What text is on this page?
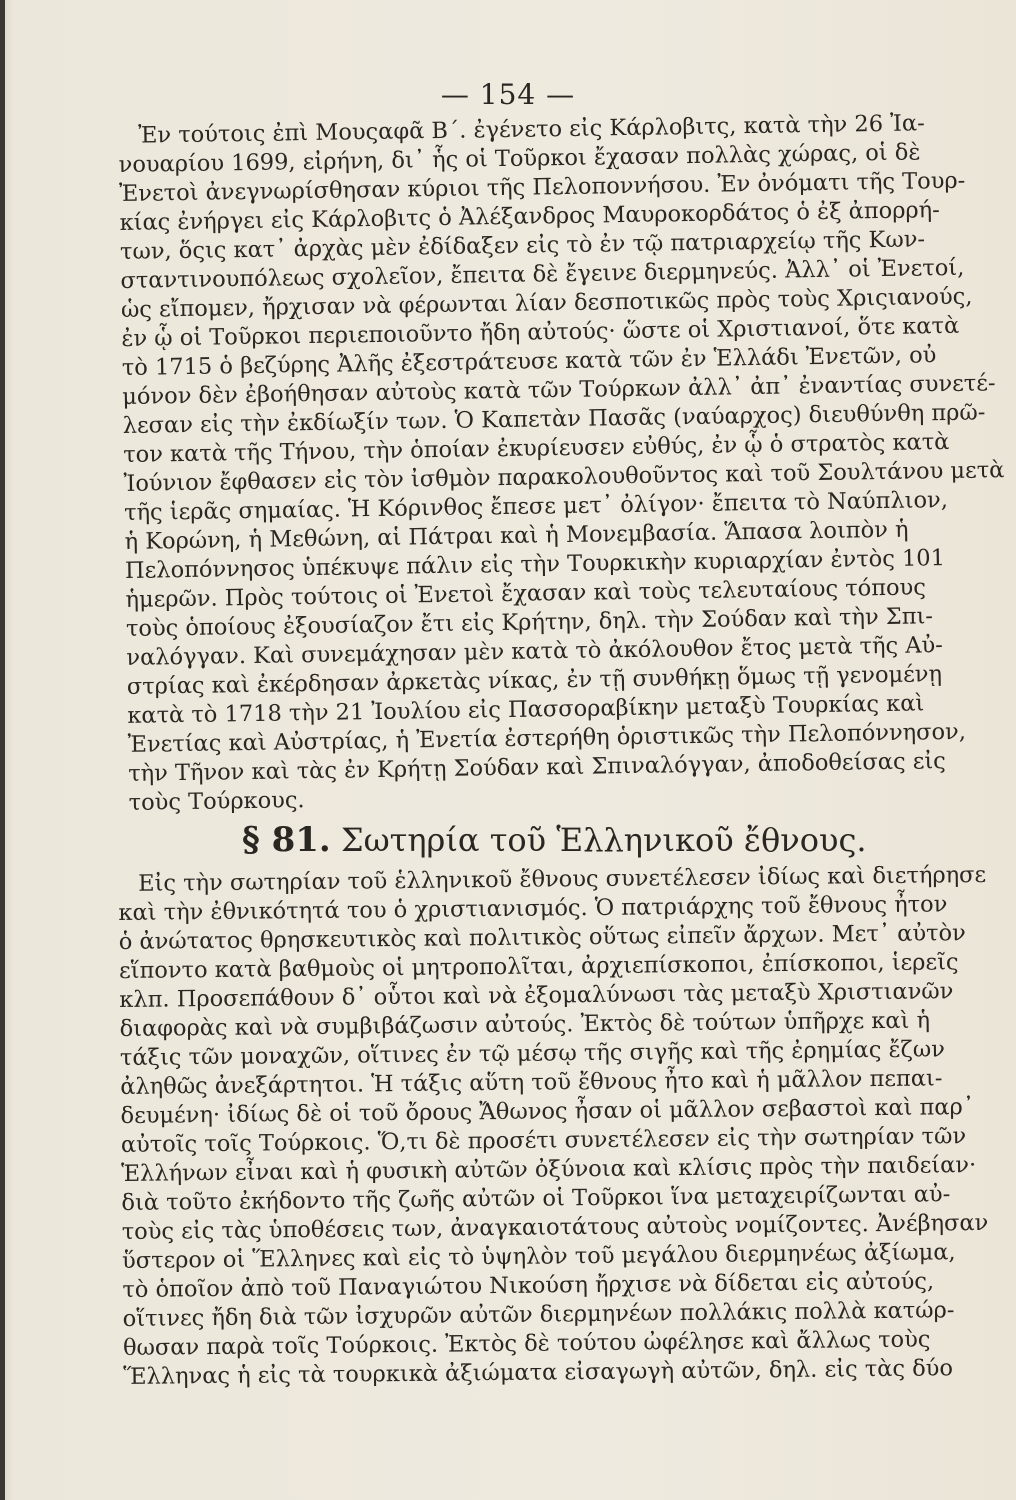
— 154 —
Ἐν τούτοις ἐπὶ Μουςαφᾶ Β΄. ἐγένετο εἰς Κάρλοβιτς, κατὰ τὴν 26 Ἰα-
νουαρίου 1699, εἰρήνη, δι᾽ ἧς οἱ Τοῦρκοι ἔχασαν πολλὰς χώρας, οἱ δὲ
Ἐνετοὶ ἀνεγνωρίσθησαν κύριοι τῆς Πελοποννήσου. Ἐν ὀνόματι τῆς Τουρ-
κίας ἐνήργει εἰς Κάρλοβιτς ὁ Ἀλέξανδρος Μαυροκορδάτος ὁ ἐξ ἀπορρή-
των, ὅςις κατ᾽ ἀρχὰς μὲν ἐδίδαξεν εἰς τὸ ἐν τῷ πατριαρχείῳ τῆς Κων-
σταντινουπόλεως σχολεῖον, ἔπειτα δὲ ἔγεινε διερμηνεύς. Ἀλλ᾽ οἱ Ἐνετοί,
ὡς εἴπομεν, ἤρχισαν νὰ φέρωνται λίαν δεσποτικῶς πρὸς τοὺς Χριςιανούς,
ἐν ᾧ οἱ Τοῦρκοι περιεποιοῦντο ἤδη αὐτούς· ὥστε οἱ Χριστιανοί, ὅτε κατὰ
τὸ 1715 ὁ βεζύρης Ἀλῆς ἐξεστράτευσε κατὰ τῶν ἐν Ἑλλάδι Ἐνετῶν, οὐ
μόνον δὲν ἐβοήθησαν αὐτοὺς κατὰ τῶν Τούρκων ἀλλ᾽ ἀπ᾽ ἐναντίας συνετέ-
λεσαν εἰς τὴν ἐκδίωξίν των. Ὁ Καπετὰν Πασᾶς (ναύαρχος) διευθύνθη πρῶ-
τον κατὰ τῆς Τήνου, τὴν ὁποίαν ἐκυρίευσεν εὐθύς, ἐν ᾧ ὁ στρατὸς κατὰ
Ἰούνιον ἔφθασεν εἰς τὸν ἰσθμὸν παρακολουθοῦντος καὶ τοῦ Σουλτάνου μετὰ
τῆς ἱερᾶς σημαίας. Ἡ Κόρινθος ἔπεσε μετ᾽ ὀλίγον· ἔπειτα τὸ Ναύπλιον,
ἡ Κορώνη, ἡ Μεθώνη, αἱ Πάτραι καὶ ἡ Μονεμβασία. Ἅπασα λοιπὸν ἡ
Πελοπόννησος ὑπέκυψε πάλιν εἰς τὴν Τουρκικὴν κυριαρχίαν ἐντὸς 101
ἡμερῶν. Πρὸς τούτοις οἱ Ἐνετοὶ ἔχασαν καὶ τοὺς τελευταίους τόπους
τοὺς ὁποίους ἐξουσίαζον ἔτι εἰς Κρήτην, δηλ. τὴν Σούδαν καὶ τὴν Σπι-
ναλόγγαν. Καὶ συνεμάχησαν μὲν κατὰ τὸ ἀκόλουθον ἔτος μετὰ τῆς Αὐ-
στρίας καὶ ἐκέρδησαν ἀρκετὰς νίκας, ἐν τῇ συνθήκῃ ὅμως τῇ γενομένῃ
κατὰ τὸ 1718 τὴν 21 Ἰουλίου εἰς Πασσοραβίκην μεταξὺ Τουρκίας καὶ
Ἐνετίας καὶ Αὐστρίας, ἡ Ἐνετία ἐστερήθη ὁριστικῶς τὴν Πελοπόννησον,
τὴν Τῆνον καὶ τὰς ἐν Κρήτῃ Σούδαν καὶ Σπιναλόγγαν, ἀποδοθείσας εἰς
τοὺς Τούρκους.
§ 81. Σωτηρία τοῦ Ἑλληνικοῦ ἔθνους.
Εἰς τὴν σωτηρίαν τοῦ ἑλληνικοῦ ἔθνους συνετέλεσεν ἰδίως καὶ διετήρησε
καὶ τὴν ἐθνικότητά του ὁ χριστιανισμός. Ὁ πατριάρχης τοῦ ἔθνους ἦτον
ὁ ἀνώτατος θρησκευτικὸς καὶ πολιτικὸς οὕτως εἰπεῖν ἄρχων. Μετ᾽ αὐτὸν
εἵποντο κατὰ βαθμοὺς οἱ μητροπολῖται, ἀρχιεπίσκοποι, ἐπίσκοποι, ἱερεῖς
κλπ. Προσεπάθουν δ᾽ οὗτοι καὶ νὰ ἐξομαλύνωσι τὰς μεταξὺ Χριστιανῶν
διαφορὰς καὶ νὰ συμβιβάζωσιν αὐτούς. Ἐκτὸς δὲ τούτων ὑπῆρχε καὶ ἡ
τάξις τῶν μοναχῶν, οἵτινες ἐν τῷ μέσῳ τῆς σιγῆς καὶ τῆς ἐρημίας ἔζων
ἀληθῶς ἀνεξάρτητοι. Ἡ τάξις αὕτη τοῦ ἔθνους ἦτο καὶ ἡ μᾶλλον πεπαι-
δευμένη· ἰδίως δὲ οἱ τοῦ ὄρους Ἄθωνος ἦσαν οἱ μᾶλλον σεβαστοὶ καὶ παρ᾽
αὐτοῖς τοῖς Τούρκοις. Ὅ,τι δὲ προσέτι συνετέλεσεν εἰς τὴν σωτηρίαν τῶν
Ἑλλήνων εἶναι καὶ ἡ φυσικὴ αὐτῶν ὀξύνοια καὶ κλίσις πρὸς τὴν παιδείαν·
διὰ τοῦτο ἐκήδοντο τῆς ζωῆς αὐτῶν οἱ Τοῦρκοι ἵνα μεταχειρίζωνται αὐ-
τοὺς εἰς τὰς ὑποθέσεις των, ἀναγκαιοτάτους αὐτοὺς νομίζοντες. Ἀνέβησαν
ὕστερον οἱ Ἕλληνες καὶ εἰς τὸ ὑψηλὸν τοῦ μεγάλου διερμηνέως ἀξίωμα,
τὸ ὁποῖον ἀπὸ τοῦ Παναγιώτου Νικούση ἤρχισε νὰ δίδεται εἰς αὐτούς,
οἵτινες ἤδη διὰ τῶν ἰσχυρῶν αὐτῶν διερμηνέων πολλάκις πολλὰ κατώρ-
θωσαν παρὰ τοῖς Τούρκοις. Ἐκτὸς δὲ τούτου ὠφέλησε καὶ ἄλλως τοὺς
Ἕλληνας ἡ εἰς τὰ τουρκικὰ ἀξιώματα εἰσαγωγὴ αὐτῶν, δηλ. εἰς τὰς δύο
